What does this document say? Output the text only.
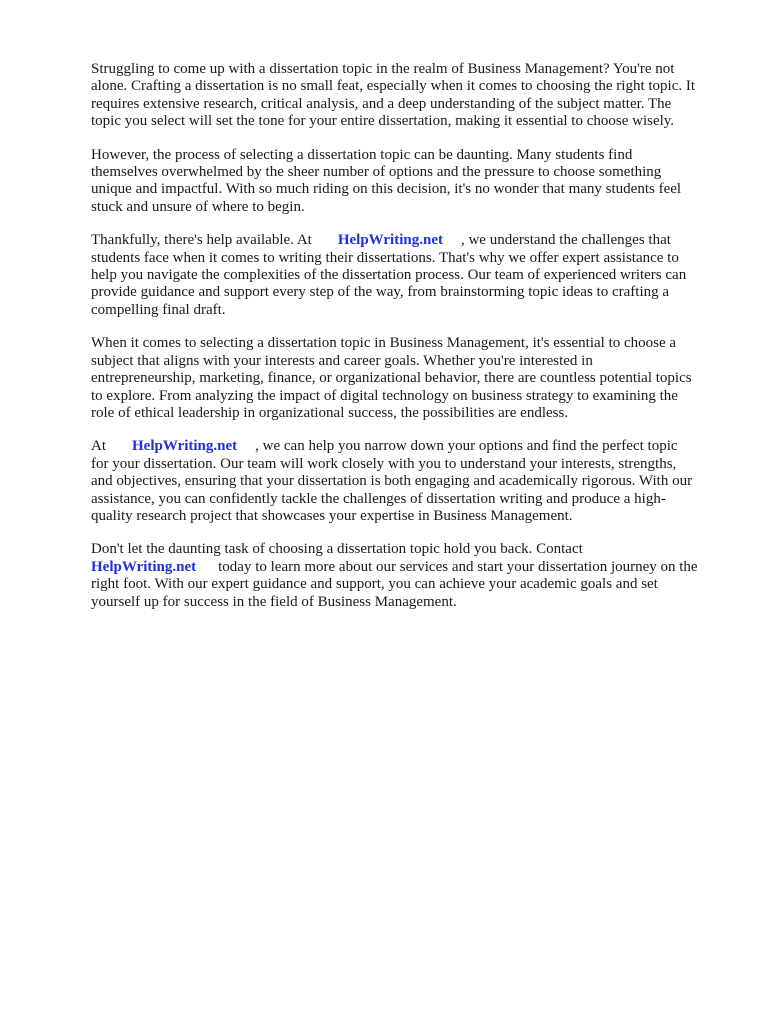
Struggling to come up with a dissertation topic in the realm of Business Management? You're not
alone. Crafting a dissertation is no small feat, especially when it comes to choosing the right topic. It
requires extensive research, critical analysis, and a deep understanding of the subject matter. The
topic you select will set the tone for your entire dissertation, making it essential to choose wisely.

However, the process of selecting a dissertation topic can be daunting. Many students find
themselves overwhelmed by the sheer number of options and the pressure to choose something
unique and impactful. With so much riding on this decision, it's no wonder that many students feel
stuck and unsure of where to begin.

Thankfully, there's help available. At HelpWriting.net , we understand the challenges that
students face when it comes to writing their dissertations. That's why we offer expert assistance to
help you navigate the complexities of the dissertation process. Our team of experienced writers can
provide guidance and support every step of the way, from brainstorming topic ideas to crafting a
compelling final draft.

When it comes to selecting a dissertation topic in Business Management, it's essential to choose a
subject that aligns with your interests and career goals. Whether you're interested in
entrepreneurship, marketing, finance, or organizational behavior, there are countless potential topics
to explore. From analyzing the impact of digital technology on business strategy to examining the
role of ethical leadership in organizational success, the possibilities are endless.

At HelpWriting.net , we can help you narrow down your options and find the perfect topic
for your dissertation. Our team will work closely with you to understand your interests, strengths,
and objectives, ensuring that your dissertation is both engaging and academically rigorous. With our
assistance, you can confidently tackle the challenges of dissertation writing and produce a high-
quality research project that showcases your expertise in Business Management.

Don't let the daunting task of choosing a dissertation topic hold you back. Contact
HelpWriting.net today to learn more about our services and start your dissertation journey on the
right foot. With our expert guidance and support, you can achieve your academic goals and set
yourself up for success in the field of Business Management.
